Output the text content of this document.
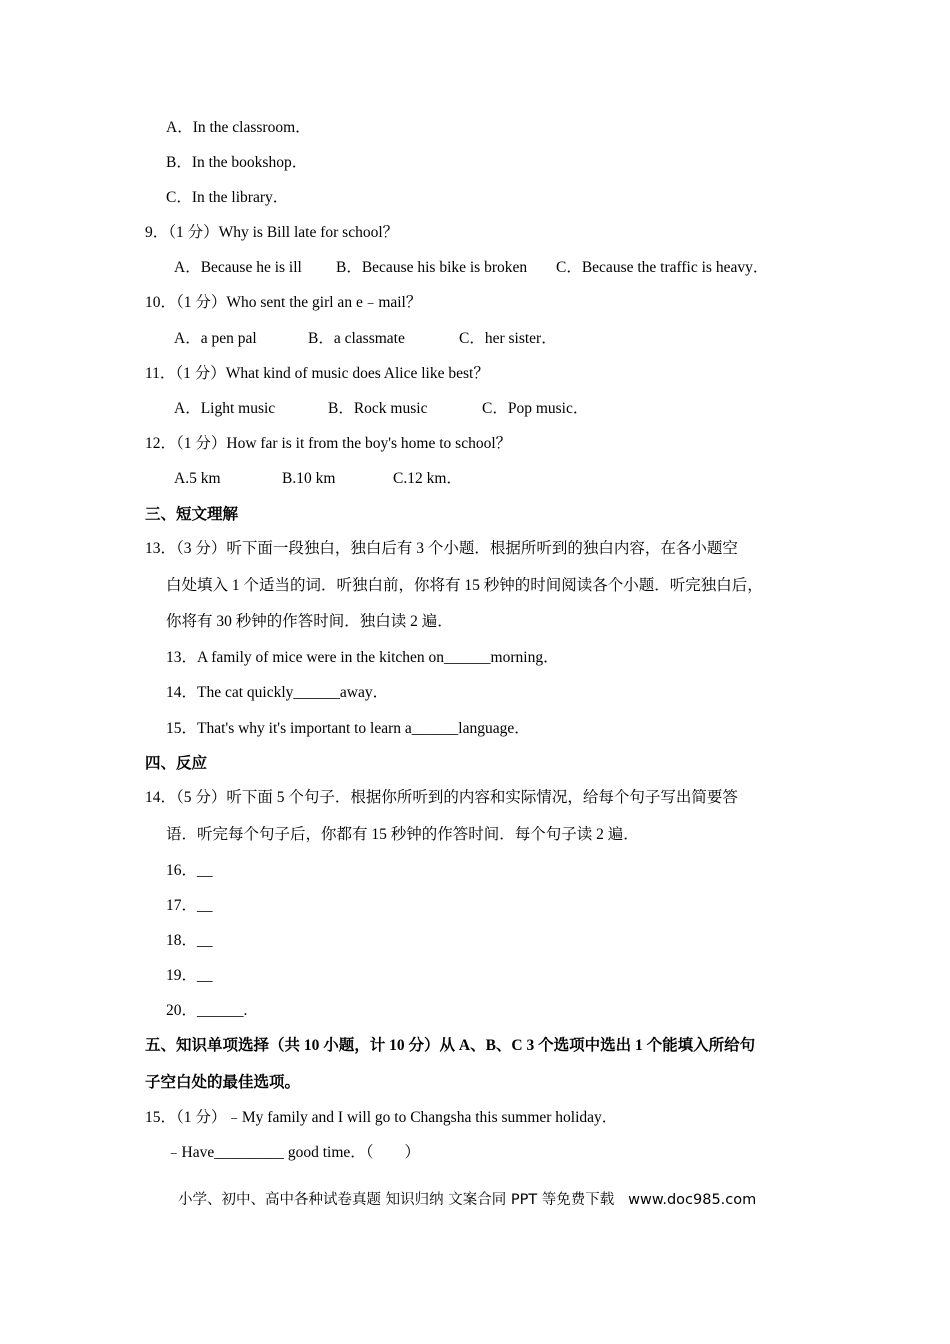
A．In the classroom．
B．In the bookshop．
C．In the library．
9．（1 分）Why is Bill late for school？
A．Because he is ill B．Because his bike is broken C．Because the traffic is heavy．
10．（1 分）Who sent the girl an e﹣mail？
A．a pen pal	B．a classmate	C．her sister．
11．（1 分）What kind of music does Alice like best？
A．Light music	B．Rock music	C．Pop music．
12．（1 分）How far is it from the boy's home to school？
A.5 km	B.10 km	C.12 km．
三、短文理解
13．（3 分）听下面一段独白，独白后有 3 个小题．根据所听到的独白内容，在各小题空
白处填入 1 个适当的词．听独白前，你将有 15 秒钟的时间阅读各个小题．听完独白后，
你将有 30 秒钟的作答时间．独白读 2 遍．
13．A family of mice were in the kitchen on______morning．
14．The cat quickly______away．
15．That's why it's important to learn a______language．
四、反应
14．（5 分）听下面 5 个句子．根据你所听到的内容和实际情况，给每个句子写出简要答
语．听完每个句子后，你都有 15 秒钟的作答时间．每个句子读 2 遍．
16．__
17．__
18．__
19．__
20．______.
五、知识单项选择（共 10 小题，计 10 分）从 A、B、C 3 个选项中选出 1 个能填入所给句
子空白处的最佳选项。
15．（1 分）﹣My family and I will go to Changsha this summer holiday．
﹣Have_________ good time．（　　）
小学、初中、高中各种试卷真题 知识归纳 文案合同 PPT 等免费下载   www.doc985.com
